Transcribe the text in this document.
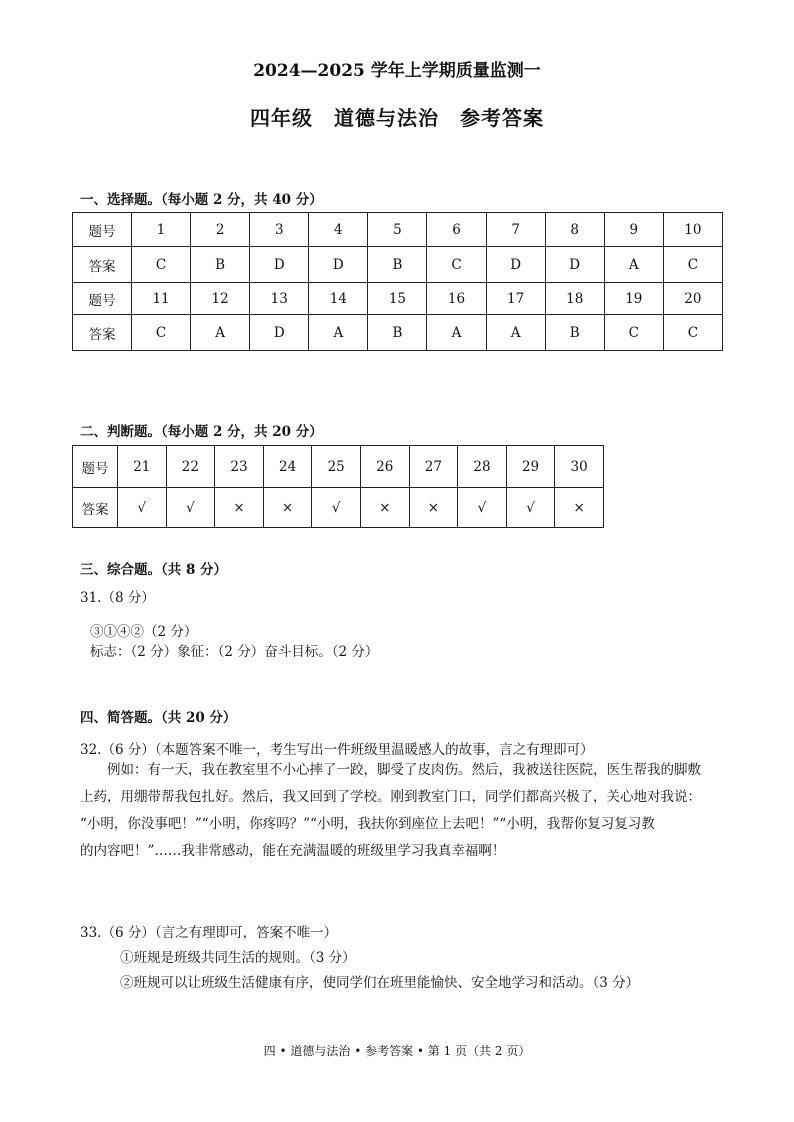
2024—2025 学年上学期质量监测一
四年级　道德与法治　参考答案
一、选择题。（每小题 2 分，共 40 分）
题号	1	2	3	4	5	6	7	8	9	10
答案	C	B	D	D	B	C	D	D	A	C
题号	11	12	13	14	15	16	17	18	19	20
答案	C	A	D	A	B	A	A	B	C	C
二、判断题。（每小题 2 分，共 20 分）
题号	21	22	23	24	25	26	27	28	29	30
答案	√	√	×	×	√	×	×	√	√	×
三、综合题。（共 8 分）
31.（8 分）
③①④②（2 分）
标志：（2 分）象征：（2 分）奋斗目标。（2 分）
四、简答题。（共 20 分）
32.（6 分）（本题答案不唯一，考生写出一件班级里温暖感人的故事，言之有理即可）
　　例如：有一天，我在教室里不小心摔了一跤，脚受了皮肉伤。然后，我被送往医院，医生帮我的脚敷
上药，用绷带帮我包扎好。然后，我又回到了学校。刚到教室门口，同学们都高兴极了，关心地对我说：
“小明，你没事吧！”“小明，你疼吗？”“小明，我扶你到座位上去吧！”“小明，我帮你复习复习教
的内容吧！”……我非常感动，能在充满温暖的班级里学习我真幸福啊！
33.（6 分）（言之有理即可，答案不唯一）
①班规是班级共同生活的规则。（3 分）
②班规可以让班级生活健康有序，使同学们在班里能愉快、安全地学习和活动。（3 分）
四 • 道德与法治 • 参考答案 • 第 1 页（共 2 页）
